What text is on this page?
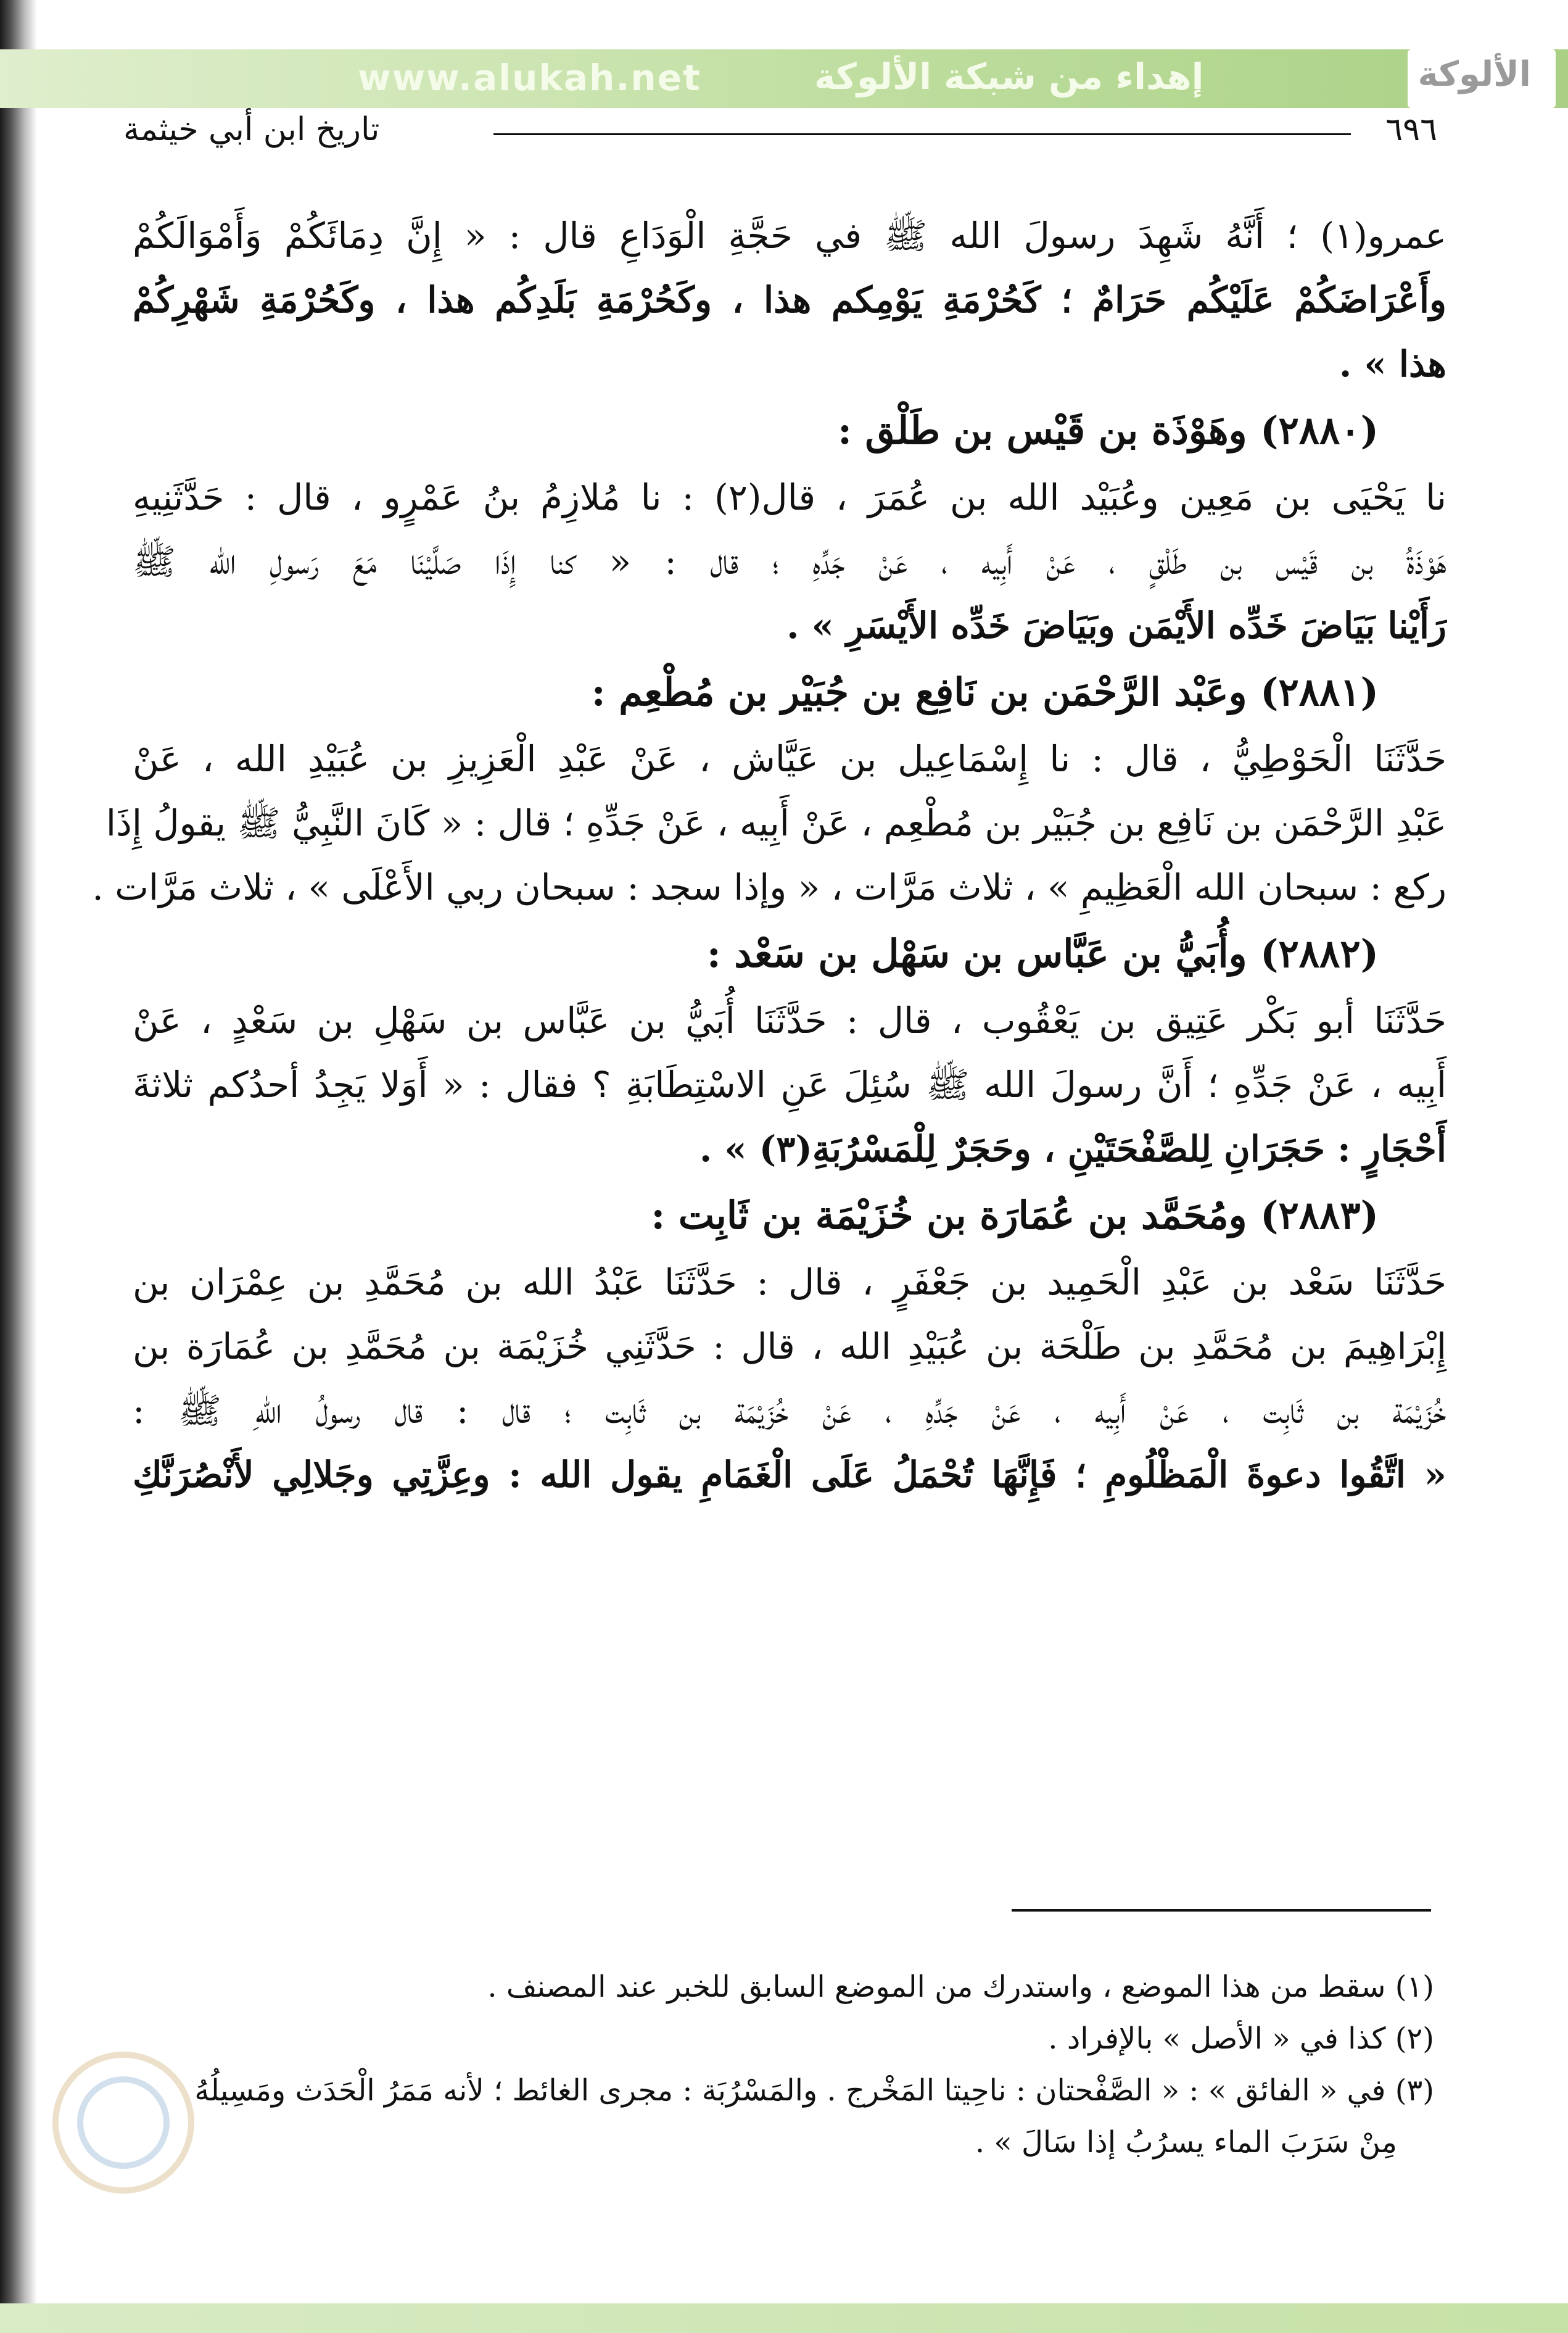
www.alukah.net	إهداء من شبكة الألوكة	الألوكة
٦٩٦
تاريخ ابن أبي خيثمة
عمرو(١) ؛ أَنَّهُ شَهِدَ رسولَ الله ﷺ في حَجَّةِ الْوَدَاعِ قال : « إِنَّ دِمَائَكُمْ وَأَمْوَالَكُمْ
وأَعْرَاضَكُمْ عَلَيْكُم حَرَامٌ ؛ كَحُرْمَةِ يَوْمِكم هذا ، وكَحُرْمَةِ بَلَدِكُم هذا ، وكَحُرْمَةِ شَهْرِكُمْ
هذا » .
(٢٨٨٠) وهَوْذَة بن قَيْس بن طَلْق :
نا يَحْيَى بن مَعِين وعُبَيْد الله بن عُمَرَ ، قال(٢) : نا مُلازِمُ بنُ عَمْرٍو ، قال : حَدَّثَنِيهِ
هَوْذَةُ بن قَيْس بن طَلْقٍ ، عَنْ أَبِيه ، عَنْ جَدِّهِ ؛ قال : « كنا إِذَا صَلَّيْنَا مَعَ رَسولِ الله ﷺ
رَأَيْنا بَيَاضَ خَدِّه الأَيْمَن وبَيَاضَ خَدِّه الأَيْسَرِ » .
(٢٨٨١) وعَبْد الرَّحْمَن بن نَافِع بن جُبَيْر بن مُطْعِم :
حَدَّثَنَا الْحَوْطِيُّ ، قال : نا إِسْمَاعِيل بن عَيَّاش ، عَنْ عَبْدِ الْعَزِيزِ بن عُبَيْدِ الله ، عَنْ
عَبْدِ الرَّحْمَن بن نَافِع بن جُبَيْر بن مُطْعِم ، عَنْ أَبِيه ، عَنْ جَدِّهِ ؛ قال : « كَانَ النَّبِيُّ ﷺ يقولُ إِذَا
ركع : سبحان الله الْعَظِيمِ » ، ثلاث مَرَّات ، « وإذا سجد : سبحان ربي الأَعْلَى » ، ثلاث مَرَّات .
(٢٨٨٢) وأُبَيُّ بن عَبَّاس بن سَهْل بن سَعْد :
حَدَّثَنَا أبو بَكْر عَتِيق بن يَعْقُوب ، قال : حَدَّثَنَا أُبَيُّ بن عَبَّاس بن سَهْلِ بن سَعْدٍ ، عَنْ
أَبِيه ، عَنْ جَدِّهِ ؛ أَنَّ رسولَ الله ﷺ سُئِلَ عَنِ الاسْتِطَابَةِ ؟ فقال : « أَوَلا يَجِدُ أحدُكم ثلاثةَ
أَحْجَارٍ : حَجَرَانِ لِلصَّفْحَتَيْنِ ، وحَجَرٌ لِلْمَسْرُبَةِ(٣) » .
(٢٨٨٣) ومُحَمَّد بن عُمَارَة بن خُزَيْمَة بن ثَابِت :
حَدَّثَنَا سَعْد بن عَبْدِ الْحَمِيد بن جَعْفَرٍ ، قال : حَدَّثَنَا عَبْدُ الله بن مُحَمَّدِ بن عِمْرَان بن
إِبْرَاهِيمَ بن مُحَمَّدِ بن طَلْحَة بن عُبَيْدِ الله ، قال : حَدَّثَنِي خُزَيْمَة بن مُحَمَّدِ بن عُمَارَة بن
خُزَيْمَة بن ثَابِت ، عَنْ أَبِيه ، عَنْ جَدِّهِ ، عَنْ خُزَيْمَة بن ثَابِت ؛ قال : قال رسولُ اللهِ ﷺ :
« اتَّقُوا دعوةَ الْمَظْلُومِ ؛ فَإِنَّهَا تُحْمَلُ عَلَى الْغَمَامِ يقول الله : وعِزَّتِي وجَلالِي لأَنْصُرَنَّكِ
(١) سقط من هذا الموضع ، واستدرك من الموضع السابق للخبر عند المصنف .
(٢) كذا في « الأصل » بالإفراد .
(٣) في « الفائق » : « الصَّفْحتان : ناحِيتا المَخْرج . والمَسْرُبَة : مجرى الغائط ؛ لأنه مَمَرُ الْحَدَث ومَسِيلُهُ
مِنْ سَرَبَ الماء يسرُبُ إذا سَالَ » .
